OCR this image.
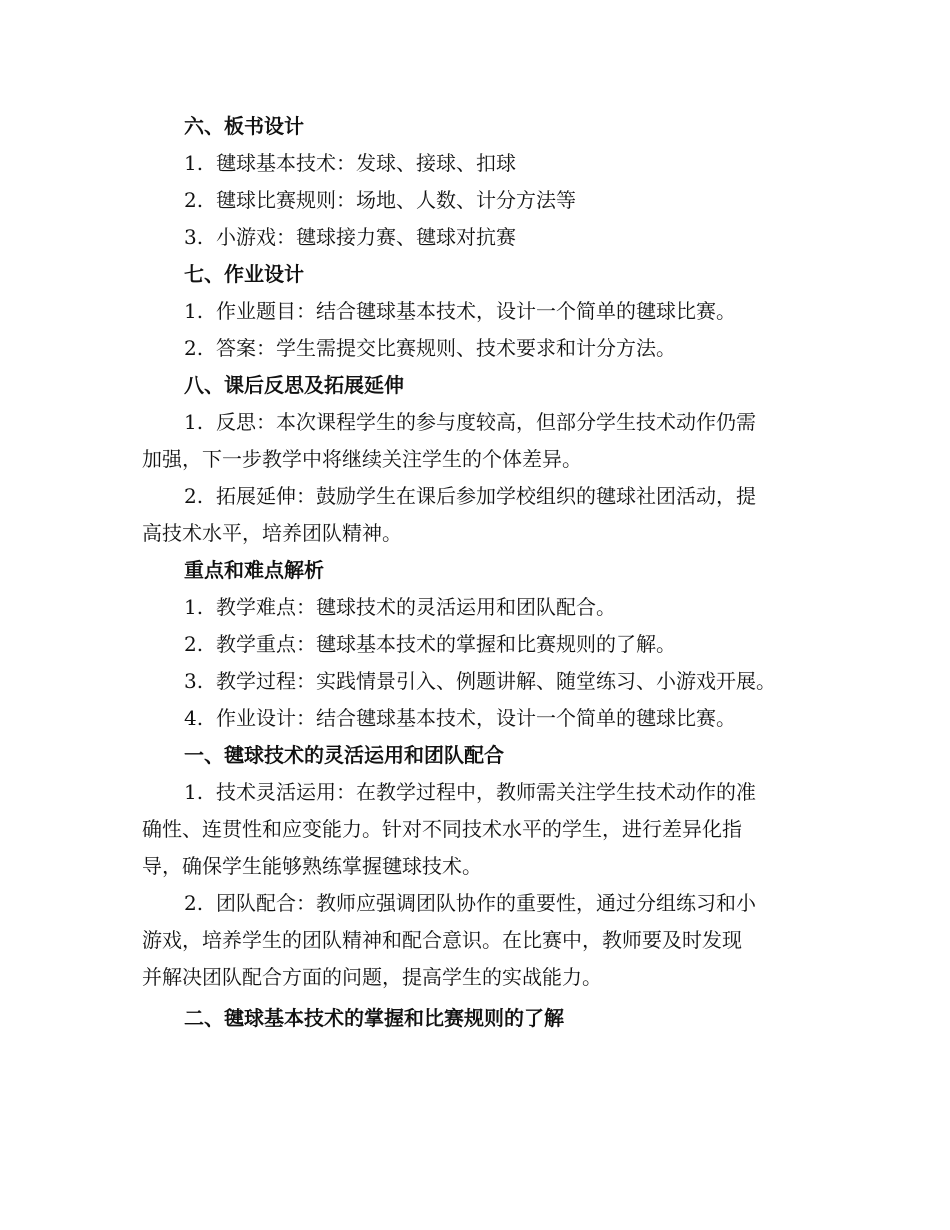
六、板书设计
1. 毽球基本技术：发球、接球、扣球
2. 毽球比赛规则：场地、人数、计分方法等
3. 小游戏：毽球接力赛、毽球对抗赛
七、作业设计
1. 作业题目：结合毽球基本技术，设计一个简单的毽球比赛。
2. 答案：学生需提交比赛规则、技术要求和计分方法。
八、课后反思及拓展延伸
1. 反思：本次课程学生的参与度较高，但部分学生技术动作仍需
加强，下一步教学中将继续关注学生的个体差异。
2. 拓展延伸：鼓励学生在课后参加学校组织的毽球社团活动，提
高技术水平，培养团队精神。
重点和难点解析
1. 教学难点：毽球技术的灵活运用和团队配合。
2. 教学重点：毽球基本技术的掌握和比赛规则的了解。
3. 教学过程：实践情景引入、例题讲解、随堂练习、小游戏开展。
4. 作业设计：结合毽球基本技术，设计一个简单的毽球比赛。
一、毽球技术的灵活运用和团队配合
1. 技术灵活运用：在教学过程中，教师需关注学生技术动作的准
确性、连贯性和应变能力。针对不同技术水平的学生，进行差异化指
导，确保学生能够熟练掌握毽球技术。
2. 团队配合：教师应强调团队协作的重要性，通过分组练习和小
游戏，培养学生的团队精神和配合意识。在比赛中，教师要及时发现
并解决团队配合方面的问题，提高学生的实战能力。
二、毽球基本技术的掌握和比赛规则的了解
